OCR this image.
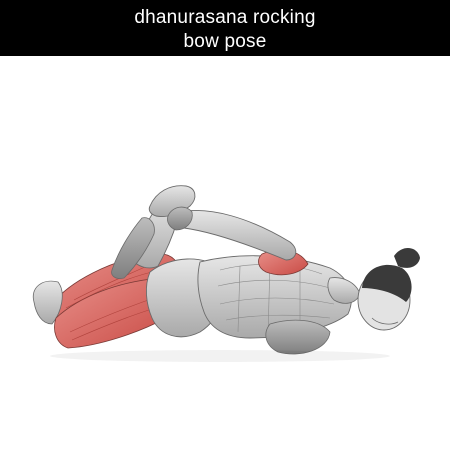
dhanurasana rocking
bow pose
